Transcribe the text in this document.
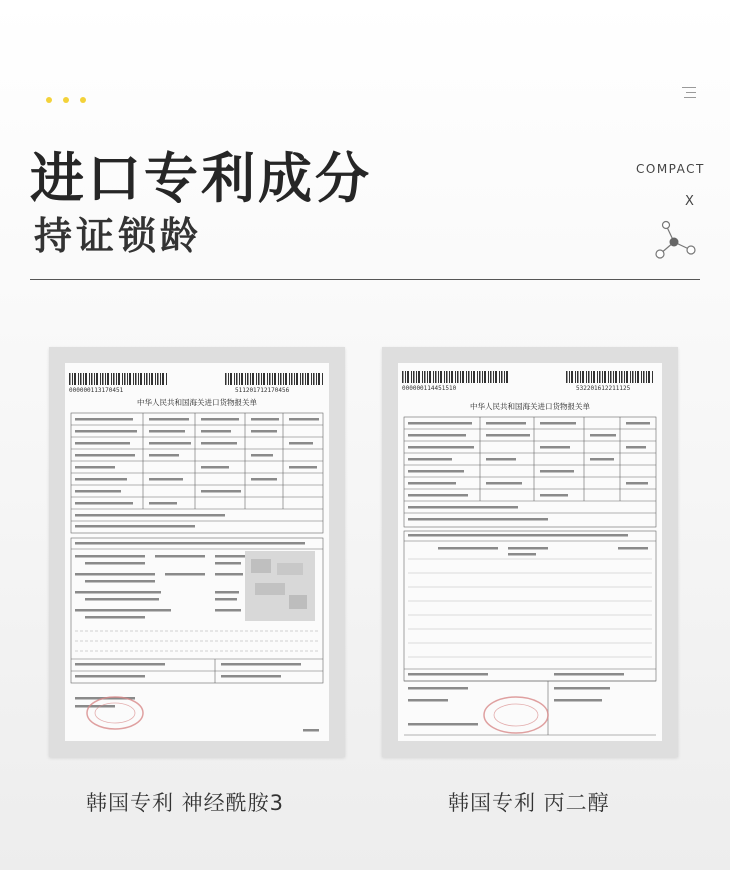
进口专利成分
持证锁龄
COMPACT
X
000000113170451	511201712170456
中华人民共和国海关进口货物报关单
000000114451510	532201612211125
中华人民共和国海关进口货物报关单
韩国专利 神经酰胺3	韩国专利 丙二醇
